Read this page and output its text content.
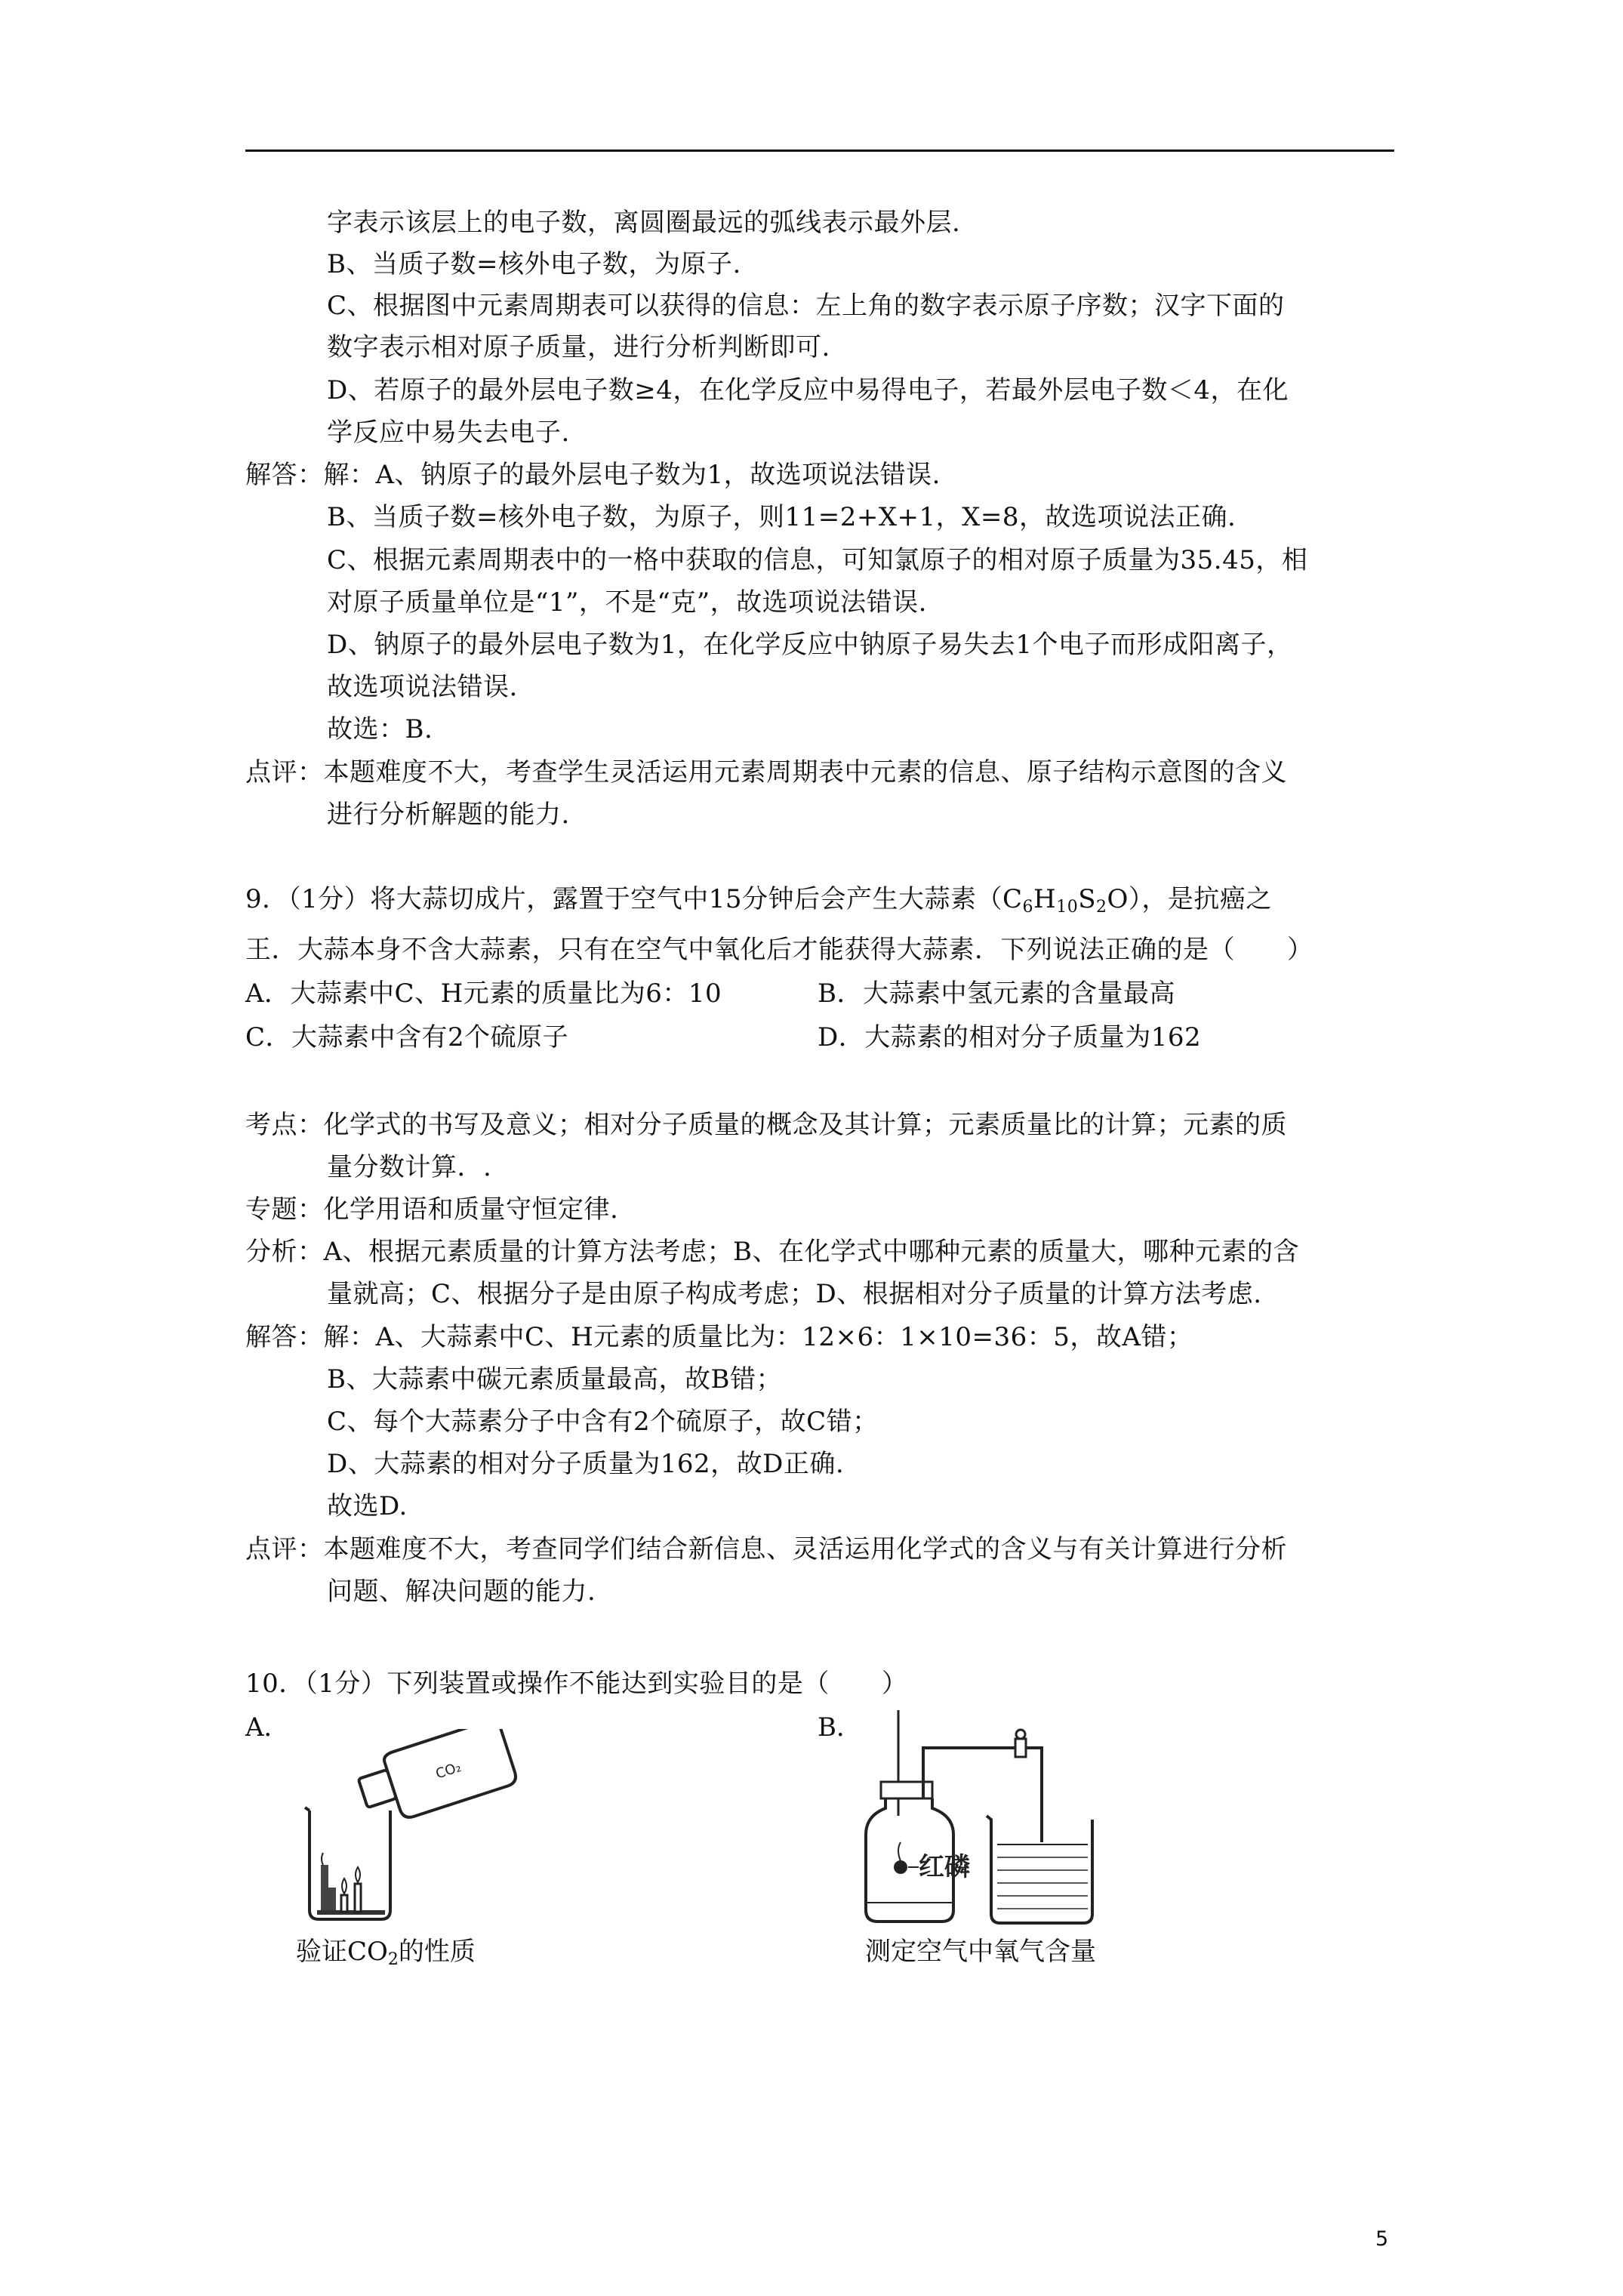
字表示该层上的电子数，离圆圈最远的弧线表示最外层.
B、当质子数=核外电子数，为原子.
C、根据图中元素周期表可以获得的信息：左上角的数字表示原子序数；汉字下面的
数字表示相对原子质量，进行分析判断即可.
D、若原子的最外层电子数≥4，在化学反应中易得电子，若最外层电子数＜4，在化
学反应中易失去电子.
解答：解：A、钠原子的最外层电子数为1，故选项说法错误.
B、当质子数=核外电子数，为原子，则11=2+X+1，X=8，故选项说法正确.
C、根据元素周期表中的一格中获取的信息，可知氯原子的相对原子质量为35.45，相
对原子质量单位是“1”，不是“克”，故选项说法错误.
D、钠原子的最外层电子数为1，在化学反应中钠原子易失去1个电子而形成阳离子，
故选项说法错误.
故选：B.
点评：本题难度不大，考查学生灵活运用元素周期表中元素的信息、原子结构示意图的含义
进行分析解题的能力.
9．（1分）将大蒜切成片，露置于空气中15分钟后会产生大蒜素$(C_6H_{10}S_2O)$，是抗癌之
王．大蒜本身不含大蒜素，只有在空气中氧化后才能获得大蒜素．下列说法正确的是（　　）
A．大蒜素中C、H元素的质量比为6：10	B．大蒜素中氢元素的含量最高
C．大蒜素中含有2个硫原子	D．大蒜素的相对分子质量为162
考点：化学式的书写及意义；相对分子质量的概念及其计算；元素质量比的计算；元素的质
量分数计算．.
专题：化学用语和质量守恒定律.
分析：A、根据元素质量的计算方法考虑；B、在化学式中哪种元素的质量大，哪种元素的含
量就高；C、根据分子是由原子构成考虑；D、根据相对分子质量的计算方法考虑.
解答：解：A、大蒜素中C、H元素的质量比为：12×6：1×10=36：5，故A错；
B、大蒜素中碳元素质量最高，故B错；
C、每个大蒜素分子中含有2个硫原子，故C错；
D、大蒜素的相对分子质量为162，故D正确.
故选D.
点评：本题难度不大，考查同学们结合新信息、灵活运用化学式的含义与有关计算进行分析
问题、解决问题的能力.
10．（1分）下列装置或操作不能达到实验目的是（　　）
A．	B．
CO₂
红磷
验证$CO_2$的性质	测定空气中氧气含量
5
